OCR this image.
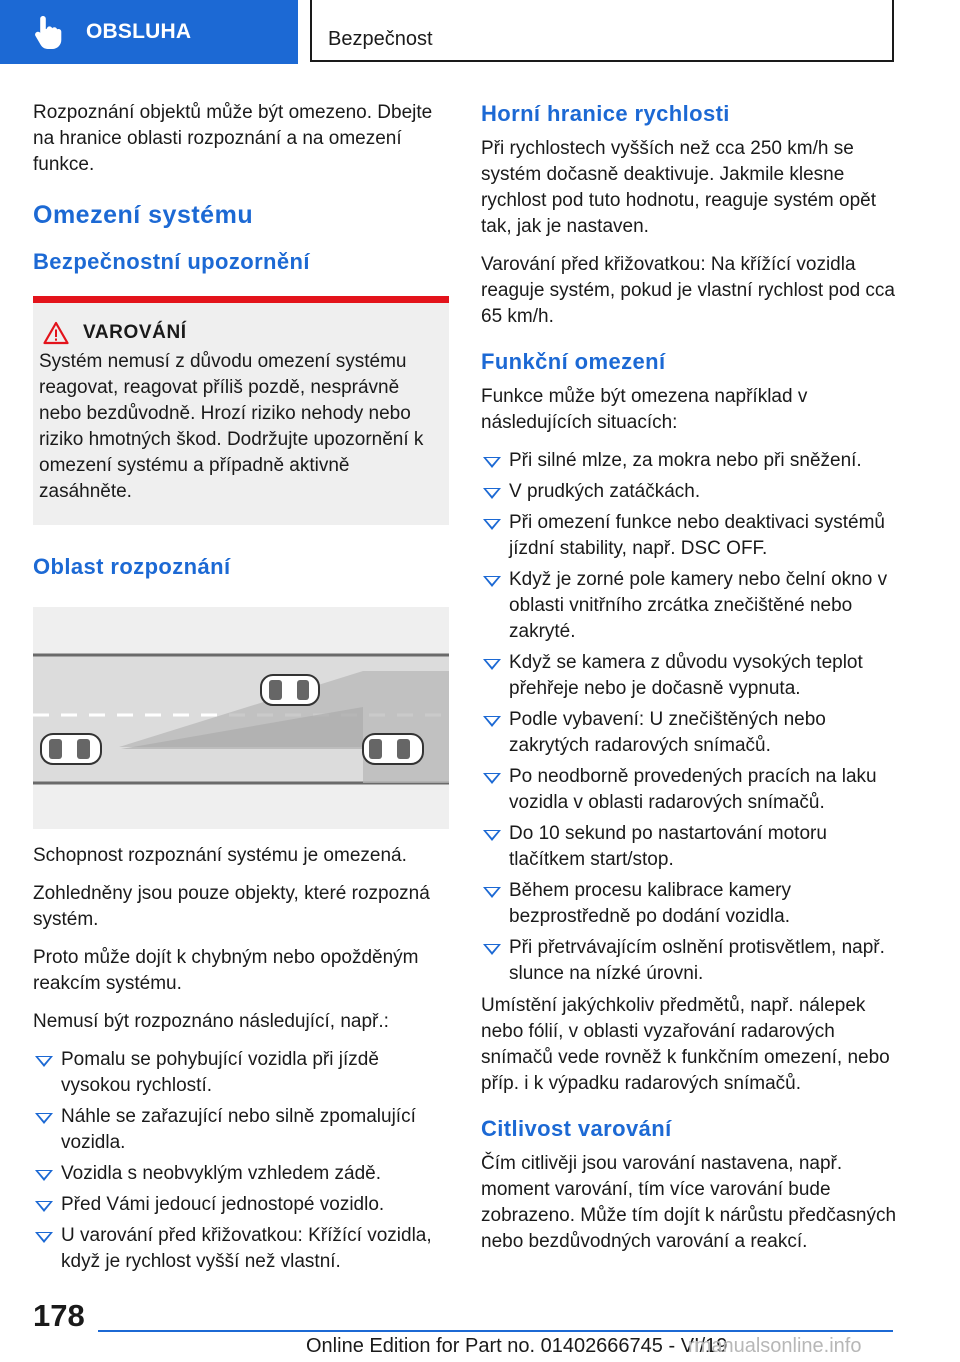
OBSLUHA	Bezpečnost

Rozpoznání objektů může být omezeno. Dbejte na hranice oblasti rozpoznání a na omezení funkce.

Omezení systému
Bezpečnostní upozornění
VAROVÁNÍ

Systém nemusí z důvodu omezení systému reagovat, reagovat příliš pozdě, nesprávně nebo bezdůvodně. Hrozí riziko nehody nebo riziko hmotných škod. Dodržujte upozornění k omezení systému a případně aktivně zasáhněte.

Oblast rozpoznání

Schopnost rozpoznání systému je omezená.

Zohledněny jsou pouze objekty, které rozpozná systém.

Proto může dojít k chybným nebo opožděným reakcím systému.

Nemusí být rozpoznáno následující, např.:

Pomalu se pohybující vozidla při jízdě vysokou rychlostí.
Náhle se zařazující nebo silně zpomalující vozidla.
Vozidla s neobvyklým vzhledem zádě.
Před Vámi jedoucí jednostopé vozidlo.
U varování před křižovatkou: Křížící vozidla, když je rychlost vyšší než vlastní.
Horní hranice rychlosti

Při rychlostech vyšších než cca 250 km/h se systém dočasně deaktivuje. Jakmile klesne rychlost pod tuto hodnotu, reaguje systém opět tak, jak je nastaven.

Varování před křižovatkou: Na křížící vozidla reaguje systém, pokud je vlastní rychlost pod cca 65 km/h.

Funkční omezení

Funkce může být omezena například v následujících situacích:

Při silné mlze, za mokra nebo při sněžení.
V prudkých zatáčkách.
Při omezení funkce nebo deaktivaci systémů jízdní stability, např. DSC OFF.
Když je zorné pole kamery nebo čelní okno v oblasti vnitřního zrcátka znečištěné nebo zakryté.
Když se kamera z důvodu vysokých teplot přehřeje nebo je dočasně vypnuta.
Podle vybavení: U znečištěných nebo zakrytých radarových snímačů.
Po neodborně provedených pracích na laku vozidla v oblasti radarových snímačů.
Do 10 sekund po nastartování motoru tlačítkem start/stop.
Během procesu kalibrace kamery bezprostředně po dodání vozidla.
Při přetrvávajícím oslnění protisvětlem, např. slunce na nízké úrovni.

Umístění jakýchkoliv předmětů, např. nálepek nebo fólií, v oblasti vyzařování radarových snímačů vede rovněž k funkčním omezení, nebo příp. i k výpadku radarových snímačů.

Citlivost varování

Čím citlivěji jsou varování nastavena, např. moment varování, tím více varování bude zobrazeno. Může tím dojít k nárůstu předčasných nebo bezdůvodných varování a reakcí.

178
Online Edition for Part no. 01402666745 - VI/19
rmanualsonline.info
